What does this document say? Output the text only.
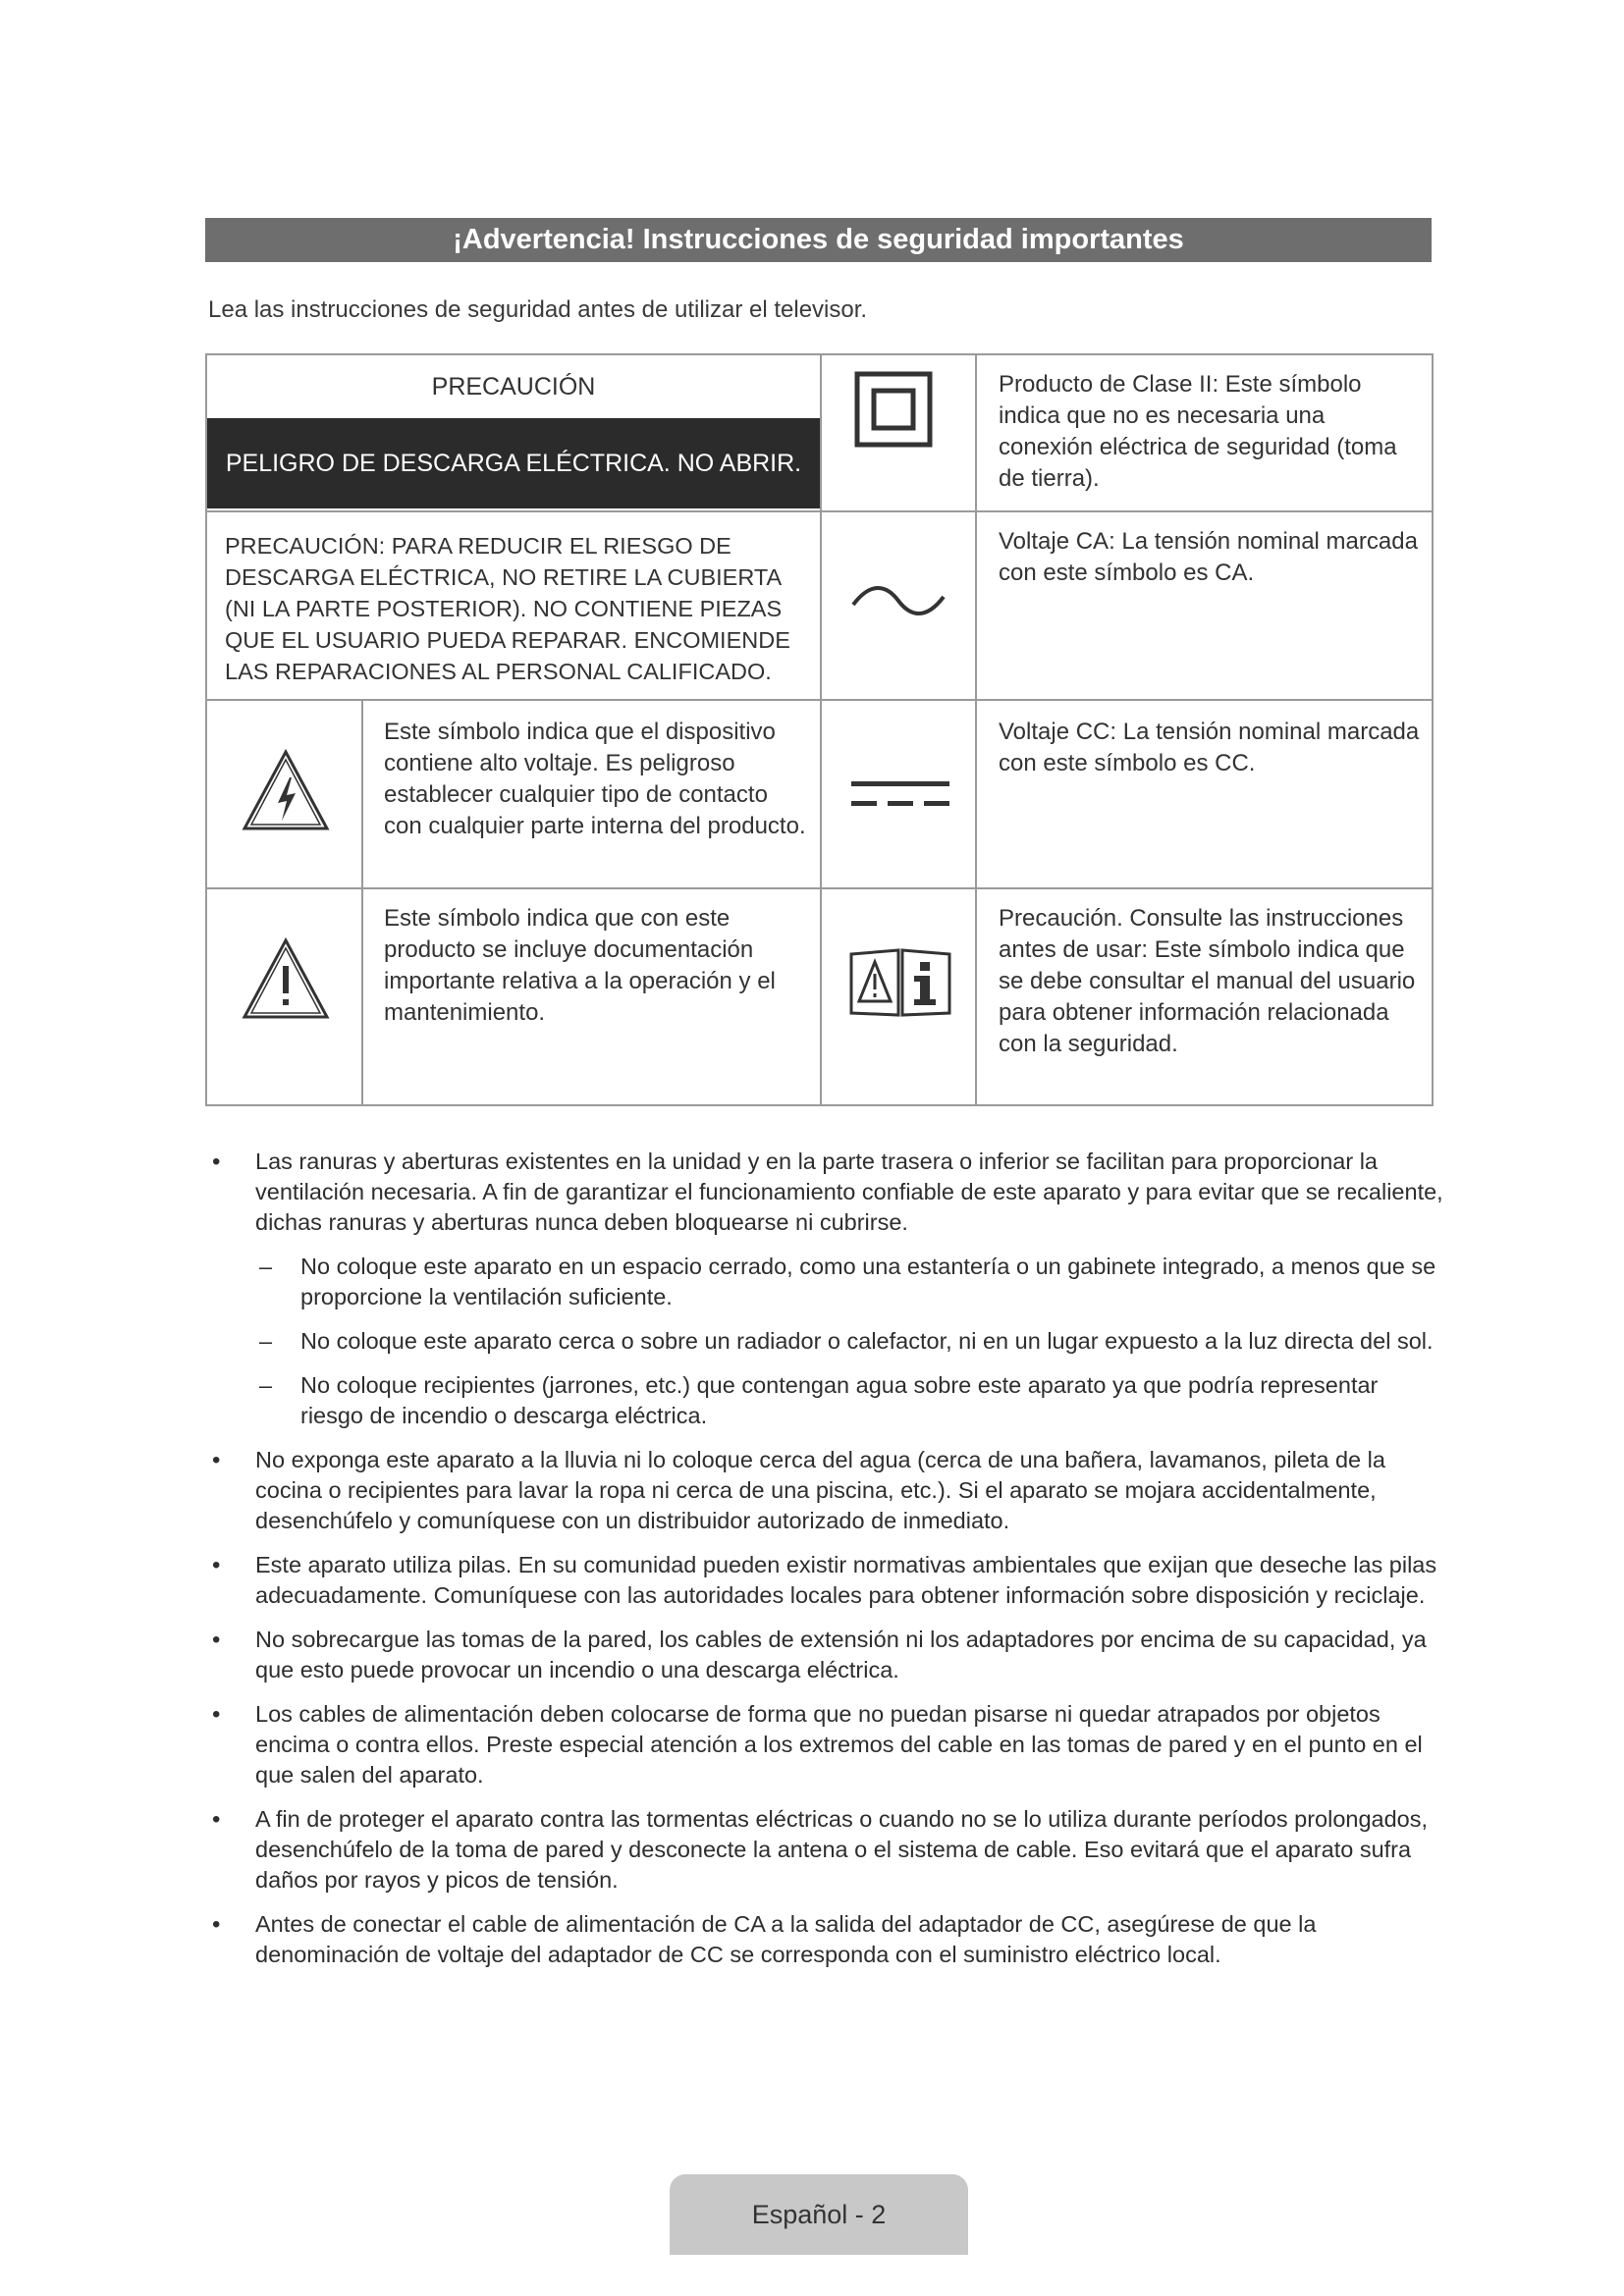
¡Advertencia! Instrucciones de seguridad importantes
Lea las instrucciones de seguridad antes de utilizar el televisor.
PRECAUCIÓN
PELIGRO DE DESCARGA ELÉCTRICA. NO ABRIR.
PRECAUCIÓN: PARA REDUCIR EL RIESGO DE DESCARGA ELÉCTRICA, NO RETIRE LA CUBIERTA (NI LA PARTE POSTERIOR). NO CONTIENE PIEZAS QUE EL USUARIO PUEDA REPARAR. ENCOMIENDE LAS REPARACIONES AL PERSONAL CALIFICADO.
Este símbolo indica que el dispositivo contiene alto voltaje. Es peligroso establecer cualquier tipo de contacto con cualquier parte interna del producto.
Este símbolo indica que con este producto se incluye documentación importante relativa a la operación y el mantenimiento.
Producto de Clase II: Este símbolo indica que no es necesaria una conexión eléctrica de seguridad (toma de tierra).
Voltaje CA: La tensión nominal marcada con este símbolo es CA.
Voltaje CC: La tensión nominal marcada con este símbolo es CC.
Precaución. Consulte las instrucciones antes de usar: Este símbolo indica que se debe consultar el manual del usuario para obtener información relacionada con la seguridad.
• Las ranuras y aberturas existentes en la unidad y en la parte trasera o inferior se facilitan para proporcionar la ventilación necesaria. A fin de garantizar el funcionamiento confiable de este aparato y para evitar que se recaliente, dichas ranuras y aberturas nunca deben bloquearse ni cubrirse.
– No coloque este aparato en un espacio cerrado, como una estantería o un gabinete integrado, a menos que se proporcione la ventilación suficiente.
– No coloque este aparato cerca o sobre un radiador o calefactor, ni en un lugar expuesto a la luz directa del sol.
– No coloque recipientes (jarrones, etc.) que contengan agua sobre este aparato ya que podría representar riesgo de incendio o descarga eléctrica.
• No exponga este aparato a la lluvia ni lo coloque cerca del agua (cerca de una bañera, lavamanos, pileta de la cocina o recipientes para lavar la ropa ni cerca de una piscina, etc.). Si el aparato se mojara accidentalmente, desenchúfelo y comuníquese con un distribuidor autorizado de inmediato.
• Este aparato utiliza pilas. En su comunidad pueden existir normativas ambientales que exijan que deseche las pilas adecuadamente. Comuníquese con las autoridades locales para obtener información sobre disposición y reciclaje.
• No sobrecargue las tomas de la pared, los cables de extensión ni los adaptadores por encima de su capacidad, ya que esto puede provocar un incendio o una descarga eléctrica.
• Los cables de alimentación deben colocarse de forma que no puedan pisarse ni quedar atrapados por objetos encima o contra ellos. Preste especial atención a los extremos del cable en las tomas de pared y en el punto en el que salen del aparato.
• A fin de proteger el aparato contra las tormentas eléctricas o cuando no se lo utiliza durante períodos prolongados, desenchúfelo de la toma de pared y desconecte la antena o el sistema de cable. Eso evitará que el aparato sufra daños por rayos y picos de tensión.
• Antes de conectar el cable de alimentación de CA a la salida del adaptador de CC, asegúrese de que la denominación de voltaje del adaptador de CC se corresponda con el suministro eléctrico local.
Español - 2
